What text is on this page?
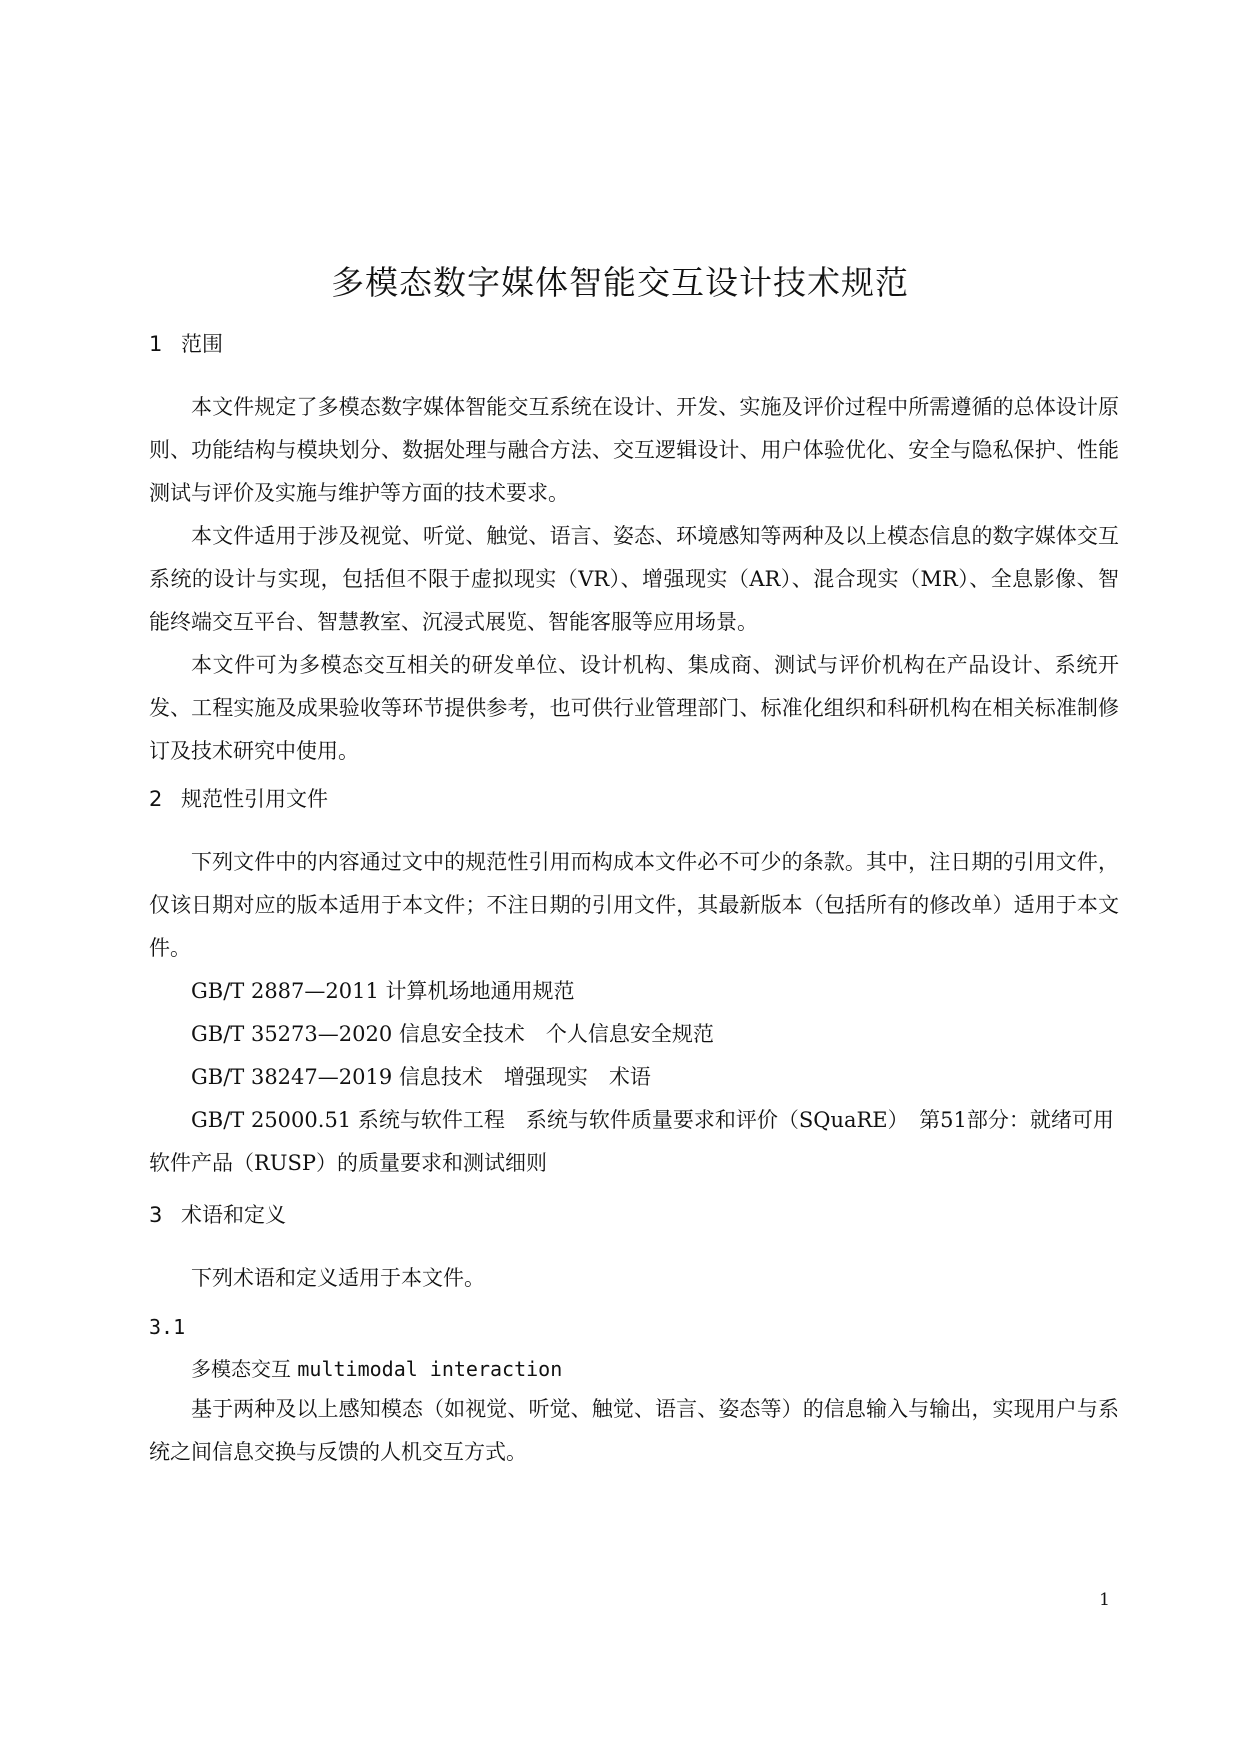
多模态数字媒体智能交互设计技术规范
1 范围

本文件规定了多模态数字媒体智能交互系统在设计、开发、实施及评价过程中所需遵循的总体设计原则、功能结构与模块划分、数据处理与融合方法、交互逻辑设计、用户体验优化、安全与隐私保护、性能测试与评价及实施与维护等方面的技术要求。

本文件适用于涉及视觉、听觉、触觉、语言、姿态、环境感知等两种及以上模态信息的数字媒体交互系统的设计与实现，包括但不限于虚拟现实（VR）、增强现实（AR）、混合现实（MR）、全息影像、智能终端交互平台、智慧教室、沉浸式展览、智能客服等应用场景。

本文件可为多模态交互相关的研发单位、设计机构、集成商、测试与评价机构在产品设计、系统开发、工程实施及成果验收等环节提供参考，也可供行业管理部门、标准化组织和科研机构在相关标准制修订及技术研究中使用。

2 规范性引用文件

下列文件中的内容通过文中的规范性引用而构成本文件必不可少的条款。其中，注日期的引用文件，仅该日期对应的版本适用于本文件；不注日期的引用文件，其最新版本（包括所有的修改单）适用于本文件。

GB/T 2887—2011 计算机场地通用规范
GB/T 35273—2020 信息安全技术　个人信息安全规范
GB/T 38247—2019 信息技术　增强现实　术语

GB/T 25000.51 系统与软件工程　系统与软件质量要求和评价（SQuaRE）　第51部分：就绪可用软件产品（RUSP）的质量要求和测试细则

3 术语和定义

下列术语和定义适用于本文件。

3.1
多模态交互 multimodal interaction

基于两种及以上感知模态（如视觉、听觉、触觉、语言、姿态等）的信息输入与输出，实现用户与系统之间信息交换与反馈的人机交互方式。

1
